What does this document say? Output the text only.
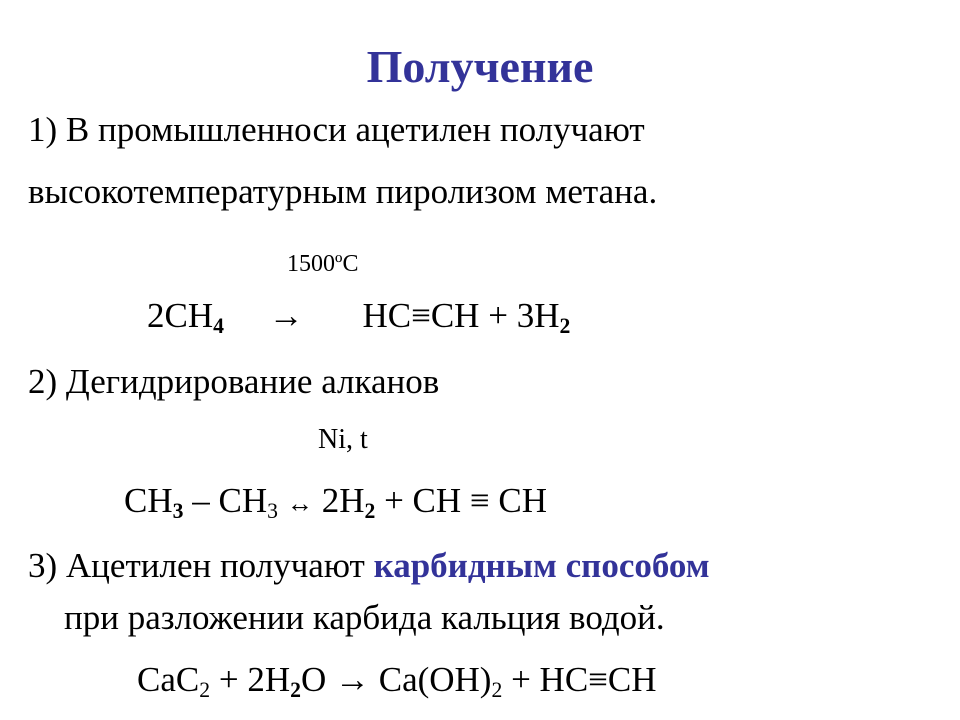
Получение
1) В промышленноси ацетилен получают
высокотемпературным пиролизом метана.
1500ºС
2CH4 → HC≡CH + 3H2
2) Дегидрирование алканов
Ni, t
$CH3 - CH_3$ ↔ 2H2 + CH ≡ CH
3) Ацетилен получают карбидным способом
при разложении карбида кальция водой.
$CaC_2 + 2H2O \to Ca(OH)_2 + HC\equiv CH$
